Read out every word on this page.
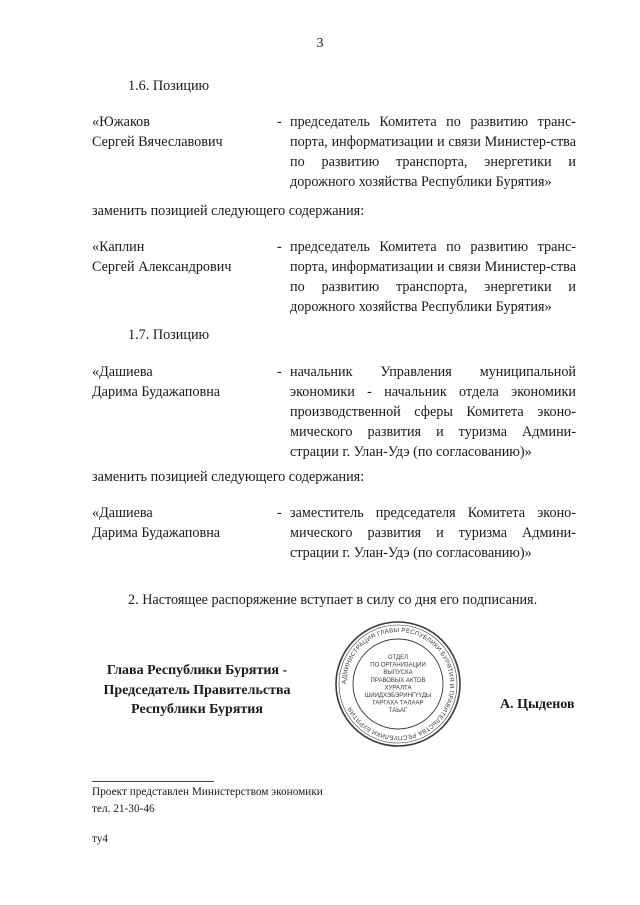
3
1.6. Позицию
«Южаков
Сергей Вячеславович
- председатель Комитета по развитию транс-порта, информатизации и связи Министер-ства по развитию транспорта, энергетики и дорожного хозяйства Республики Бурятия»
заменить позицией следующего содержания:
«Каплин
Сергей Александрович
- председатель Комитета по развитию транс-порта, информатизации и связи Министер-ства по развитию транспорта, энергетики и дорожного хозяйства Республики Бурятия»
1.7. Позицию
«Дашиева
Дарима Будажаповна
- начальник Управления муниципальной экономики - начальник отдела экономики производственной сферы Комитета эконо-мического развития и туризма Админи-страции г. Улан-Удэ (по согласованию)»
заменить позицией следующего содержания:
«Дашиева
Дарима Будажаповна
- заместитель председателя Комитета эконо-мического развития и туризма Админи-страции г. Улан-Удэ (по согласованию)»
2. Настоящее распоряжение вступает в силу со дня его подписания.
Глава Республики Бурятия -
Председатель Правительства
Республики Бурятия
АДМИНИСТРАЦИЯ ГЛАВЫ РЕСПУБЛИКИ БУРЯТИЯ И ПРАВИТЕЛЬСТВА РЕСПУБЛИКИ БУРЯТИЯ
ОТДЕЛ
ПО ОРГАНИЗАЦИИ
ВЫПУСКА
ПРАВОВЫХ АКТОВ
ХУРАЛТА
ШИИДХЭБЭРИНГҮҮДЫ
ГАРГАХА ТАЛААР
ТАЬАГ	А. Цыденов
Проект представлен Министерством экономики
тел. 21-30-46
ту4
